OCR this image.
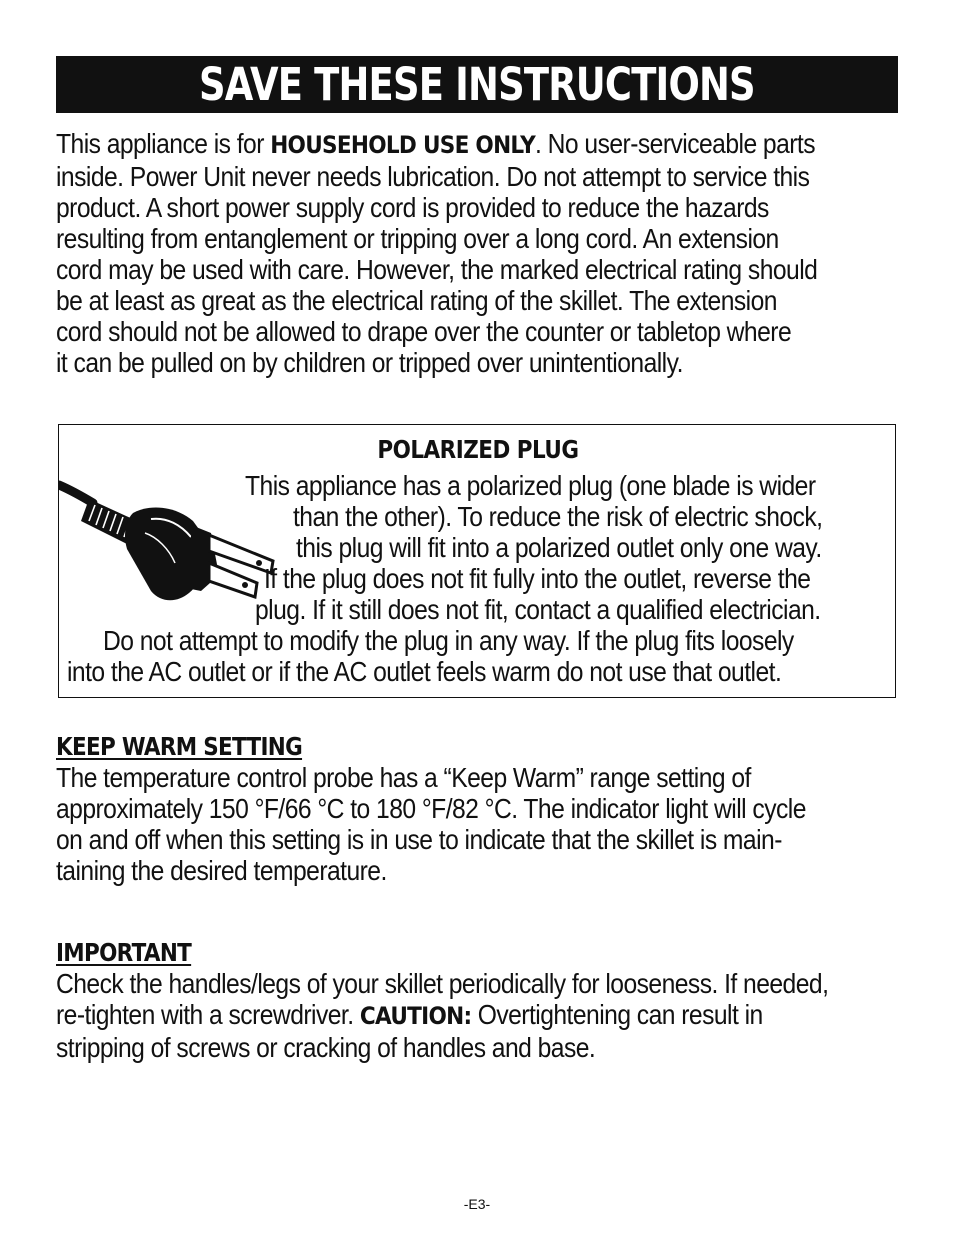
SAVE THESE INSTRUCTIONS
This appliance is for HOUSEHOLD USE ONLY. No user-serviceable parts
inside. Power Unit never needs lubrication. Do not attempt to service this
product. A short power supply cord is provided to reduce the hazards
resulting from entanglement or tripping over a long cord. An extension
cord may be used with care. However, the marked electrical rating should
be at least as great as the electrical rating of the skillet. The extension
cord should not be allowed to drape over the counter or tabletop where
it can be pulled on by children or tripped over unintentionally.
POLARIZED PLUG
This appliance has a polarized plug (one blade is wider
than the other). To reduce the risk of electric shock,
this plug will fit into a polarized outlet only one way.
If the plug does not fit fully into the outlet, reverse the
plug. If it still does not fit, contact a qualified electrician.
Do not attempt to modify the plug in any way. If the plug fits loosely
into the AC outlet or if the AC outlet feels warm do not use that outlet.
KEEP WARM SETTING
The temperature control probe has a “Keep Warm” range setting of
approximately 150 °F/66 °C to 180 °F/82 °C. The indicator light will cycle
on and off when this setting is in use to indicate that the skillet is main-
taining the desired temperature.
IMPORTANT
Check the handles/legs of your skillet periodically for looseness. If needed,
re-tighten with a screwdriver. CAUTION: Overtightening can result in
stripping of screws or cracking of handles and base.
-E3-
